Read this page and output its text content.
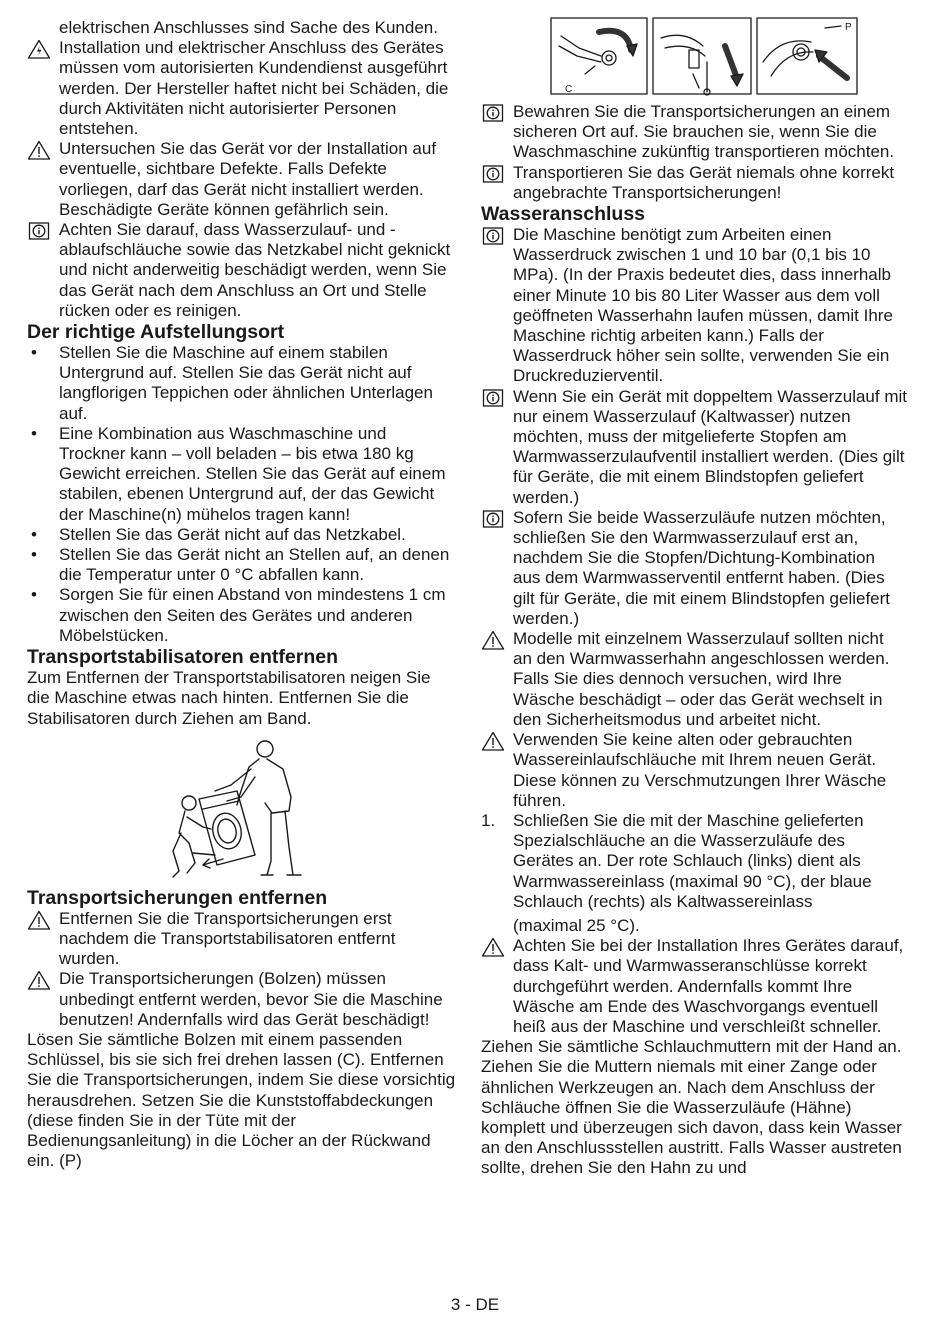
elektrischen Anschlusses sind Sache des Kunden.
Installation und elektrischer Anschluss des Gerätes müssen vom autorisierten Kundendienst ausgeführt werden. Der Hersteller haftet nicht bei Schäden, die durch Aktivitäten nicht autorisierter Personen entstehen.
Untersuchen Sie das Gerät vor der Installation auf eventuelle, sichtbare Defekte. Falls Defekte vorliegen, darf das Gerät nicht installiert werden. Beschädigte Geräte können gefährlich sein.
Achten Sie darauf, dass Wasserzulauf- und -ablaufschläuche sowie das Netzkabel nicht geknickt und nicht anderweitig beschädigt werden, wenn Sie das Gerät nach dem Anschluss an Ort und Stelle rücken oder es reinigen.
Der richtige Aufstellungsort
• Stellen Sie die Maschine auf einem stabilen Untergrund auf. Stellen Sie das Gerät nicht auf langflorigen Teppichen oder ähnlichen Unterlagen auf.
• Eine Kombination aus Waschmaschine und Trockner kann – voll beladen – bis etwa 180 kg Gewicht erreichen. Stellen Sie das Gerät auf einem stabilen, ebenen Untergrund auf, der das Gewicht der Maschine(n) mühelos tragen kann!
• Stellen Sie das Gerät nicht auf das Netzkabel.
• Stellen Sie das Gerät nicht an Stellen auf, an denen die Temperatur unter 0 °C abfallen kann.
• Sorgen Sie für einen Abstand von mindestens 1 cm zwischen den Seiten des Gerätes und anderen Möbelstücken.
Transportstabilisatoren entfernen

Zum Entfernen der Transportstabilisatoren neigen Sie die Maschine etwas nach hinten. Entfernen Sie die Stabilisatoren durch Ziehen am Band.

Transportsicherungen entfernen
Entfernen Sie die Transportsicherungen erst nachdem die Transportstabilisatoren entfernt wurden.
Die Transportsicherungen (Bolzen) müssen unbedingt entfernt werden, bevor Sie die Maschine benutzen! Andernfalls wird das Gerät beschädigt!

Lösen Sie sämtliche Bolzen mit einem passenden Schlüssel, bis sie sich frei drehen lassen (C). Entfernen Sie die Transportsicherungen, indem Sie diese vorsichtig herausdrehen. Setzen Sie die Kunststoffabdeckungen (diese finden Sie in der Tüte mit der Bedienungsanleitung) in die Löcher an der Rückwand ein. (P)

C
P
Bewahren Sie die Transportsicherungen an einem sicheren Ort auf. Sie brauchen sie, wenn Sie die Waschmaschine zukünftig transportieren möchten.
Transportieren Sie das Gerät niemals ohne korrekt angebrachte Transportsicherungen!
Wasseranschluss
Die Maschine benötigt zum Arbeiten einen Wasserdruck zwischen 1 und 10 bar (0,1 bis 10 MPa). (In der Praxis bedeutet dies, dass innerhalb einer Minute 10 bis 80 Liter Wasser aus dem voll geöffneten Wasserhahn laufen müssen, damit Ihre Maschine richtig arbeiten kann.) Falls der Wasserdruck höher sein sollte, verwenden Sie ein Druckreduzierventil.
Wenn Sie ein Gerät mit doppeltem Wasserzulauf mit nur einem Wasserzulauf (Kaltwasser) nutzen möchten, muss der mitgelieferte Stopfen am Warmwasserzulaufventil installiert werden. (Dies gilt für Geräte, die mit einem Blindstopfen geliefert werden.)
Sofern Sie beide Wasserzuläufe nutzen möchten, schließen Sie den Warmwasserzulauf erst an, nachdem Sie die Stopfen/Dichtung-Kombination aus dem Warmwasserventil entfernt haben. (Dies gilt für Geräte, die mit einem Blindstopfen geliefert werden.)
Modelle mit einzelnem Wasserzulauf sollten nicht an den Warmwasserhahn angeschlossen werden. Falls Sie dies dennoch versuchen, wird Ihre Wäsche beschädigt – oder das Gerät wechselt in den Sicherheitsmodus und arbeitet nicht.
Verwenden Sie keine alten oder gebrauchten Wassereinlaufschläuche mit Ihrem neuen Gerät. Diese können zu Verschmutzungen Ihrer Wäsche führen.
1. Schließen Sie die mit der Maschine gelieferten Spezialschläuche an die Wasserzuläufe des Gerätes an. Der rote Schlauch (links) dient als Warmwassereinlass (maximal 90 °C), der blaue Schlauch (rechts) als Kaltwassereinlass
(maximal 25 °C).
Achten Sie bei der Installation Ihres Gerätes darauf, dass Kalt- und Warmwasseranschlüsse korrekt durchgeführt werden. Andernfalls kommt Ihre Wäsche am Ende des Waschvorgangs eventuell heiß aus der Maschine und verschleißt schneller.

Ziehen Sie sämtliche Schlauchmuttern mit der Hand an. Ziehen Sie die Muttern niemals mit einer Zange oder ähnlichen Werkzeugen an. Nach dem Anschluss der Schläuche öffnen Sie die Wasserzuläufe (Hähne) komplett und überzeugen sich davon, dass kein Wasser an den Anschlussstellen austritt. Falls Wasser austreten sollte, drehen Sie den Hahn zu und

3 - DE
